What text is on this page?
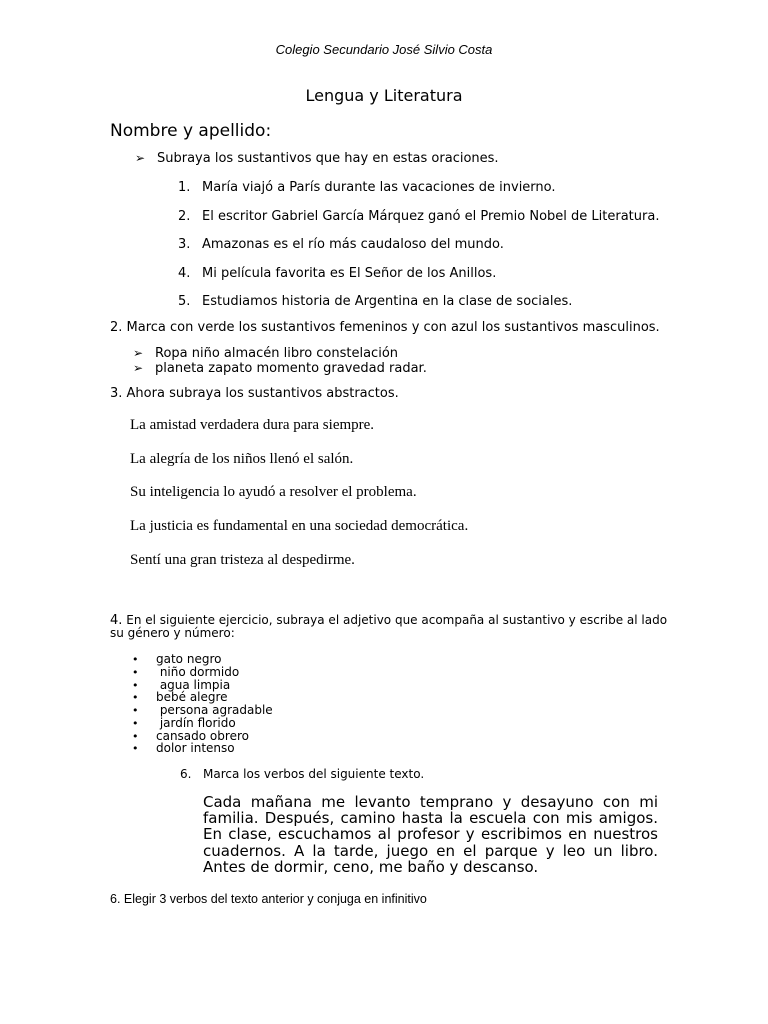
Colegio Secundario José Silvio Costa
Lengua y Literatura
Nombre y apellido:
➢ Subraya los sustantivos que hay en estas oraciones.
1. María viajó a París durante las vacaciones de invierno.
2. El escritor Gabriel García Márquez ganó el Premio Nobel de Literatura.
3. Amazonas es el río más caudaloso del mundo.
4. Mi película favorita es El Señor de los Anillos.
5. Estudiamos historia de Argentina en la clase de sociales.
2. Marca con verde los sustantivos femeninos y con azul los sustantivos masculinos.
➢ Ropa niño almacén libro constelación
➢ planeta zapato momento gravedad radar.
3. Ahora subraya los sustantivos abstractos.
La amistad verdadera dura para siempre.
La alegría de los niños llenó el salón.
Su inteligencia lo ayudó a resolver el problema.
La justicia es fundamental en una sociedad democrática.
Sentí una gran tristeza al despedirme.
4. En el siguiente ejercicio, subraya el adjetivo que acompaña al sustantivo y escribe al lado su género y número:
• gato negro
• niño dormido
• agua limpia
• bebé alegre
• persona agradable
• jardín florido
• cansado obrero
• dolor intenso
6. Marca los verbos del siguiente texto.
Cada mañana me levanto temprano y desayuno con mi familia. Después, camino hasta la escuela con mis amigos. En clase, escuchamos al profesor y escribimos en nuestros cuadernos. A la tarde, juego en el parque y leo un libro. Antes de dormir, ceno, me baño y descanso.
6. Elegir 3 verbos del texto anterior y conjuga en infinitivo
